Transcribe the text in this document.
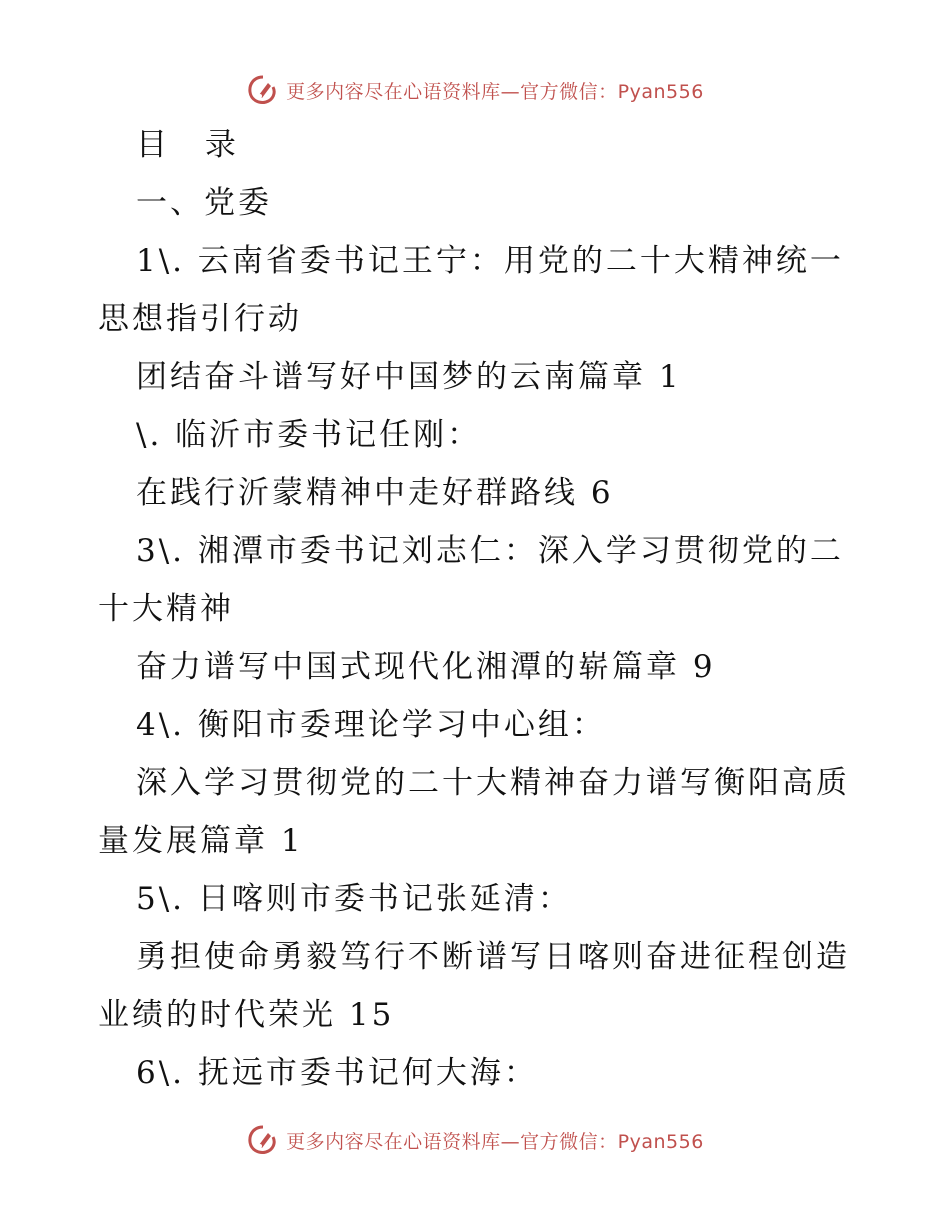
更多内容尽在心语资料库—官方微信：Pyan556
目 录
一、党委
1\. 云南省委书记王宁：用党的二十大精神统一
思想指引行动
团结奋斗谱写好中国梦的云南篇章 1
\. 临沂市委书记任刚：
在践行沂蒙精神中走好群路线 6
3\. 湘潭市委书记刘志仁：深入学习贯彻党的二
十大精神
奋力谱写中国式现代化湘潭的崭篇章 9
4\. 衡阳市委理论学习中心组：
深入学习贯彻党的二十大精神奋力谱写衡阳高质
量发展篇章 1
5\. 日喀则市委书记张延清：
勇担使命勇毅笃行不断谱写日喀则奋进征程创造
业绩的时代荣光 15
6\. 抚远市委书记何大海：
更多内容尽在心语资料库—官方微信：Pyan556
